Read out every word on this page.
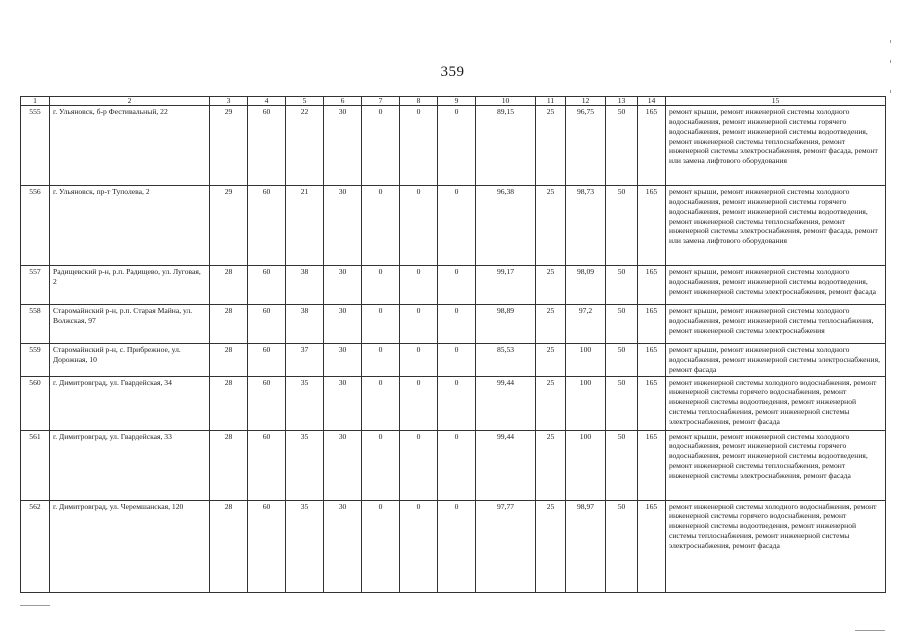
359
1	2	3	4	5	6	7	8	9	10	11	12	13	14	15
555	г. Ульяновск, б-р Фестивальный, 22	29	60	22	30	0	0	0	89,15	25	96,75	50	165	ремонт крыши, ремонт инженерной системы холодного водоснабжения, ремонт инженерной системы горячего водоснабжения, ремонт инженерной системы водоотведения, ремонт инженерной системы теплоснабжения, ремонт инженерной системы электроснабжения, ремонт фасада, ремонт или замена лифтового оборудования
556	г. Ульяновск, пр-т Туполева, 2	29	60	21	30	0	0	0	96,38	25	98,73	50	165	ремонт крыши, ремонт инженерной системы холодного водоснабжения, ремонт инженерной системы горячего водоснабжения, ремонт инженерной системы водоотведения, ремонт инженерной системы теплоснабжения, ремонт инженерной системы электроснабжения, ремонт фасада, ремонт или замена лифтового оборудования
557	Радищевский р-н, р.п. Радищево, ул. Луговая, 2	28	60	38	30	0	0	0	99,17	25	98,09	50	165	ремонт крыши, ремонт инженерной системы холодного водоснабжения, ремонт инженерной системы водоотведения, ремонт инженерной системы электроснабжения, ремонт фасада
558	Старомайнский р-н, р.п. Старая Майна, ул. Волжская, 97	28	60	38	30	0	0	0	98,89	25	97,2	50	165	ремонт крыши, ремонт инженерной системы холодного водоснабжения, ремонт инженерной системы теплоснабжения, ремонт инженерной системы электроснабжения
559	Старомайнский р-н, с. Прибрежное, ул. Дорожная, 10	28	60	37	30	0	0	0	85,53	25	100	50	165	ремонт крыши, ремонт инженерной системы холодного водоснабжения, ремонт инженерной системы электроснабжения, ремонт фасада
560	г. Димитровград, ул. Гвардейская, 34	28	60	35	30	0	0	0	99,44	25	100	50	165	ремонт инженерной системы холодного водоснабжения, ремонт инженерной системы горячего водоснабжения, ремонт инженерной системы водоотведения, ремонт инженерной системы теплоснабжения, ремонт инженерной системы электроснабжения, ремонт фасада
561	г. Димитровград, ул. Гвардейская, 33	28	60	35	30	0	0	0	99,44	25	100	50	165	ремонт крыши, ремонт инженерной системы холодного водоснабжения, ремонт инженерной системы горячего водоснабжения, ремонт инженерной системы водоотведения, ремонт инженерной системы теплоснабжения, ремонт инженерной системы электроснабжения, ремонт фасада
562	г. Димитровград, ул. Черемшанская, 120	28	60	35	30	0	0	0	97,77	25	98,97	50	165	ремонт инженерной системы холодного водоснабжения, ремонт инженерной системы горячего водоснабжения, ремонт инженерной системы водоотведения, ремонт инженерной системы теплоснабжения, ремонт инженерной системы электроснабжения, ремонт фасада
